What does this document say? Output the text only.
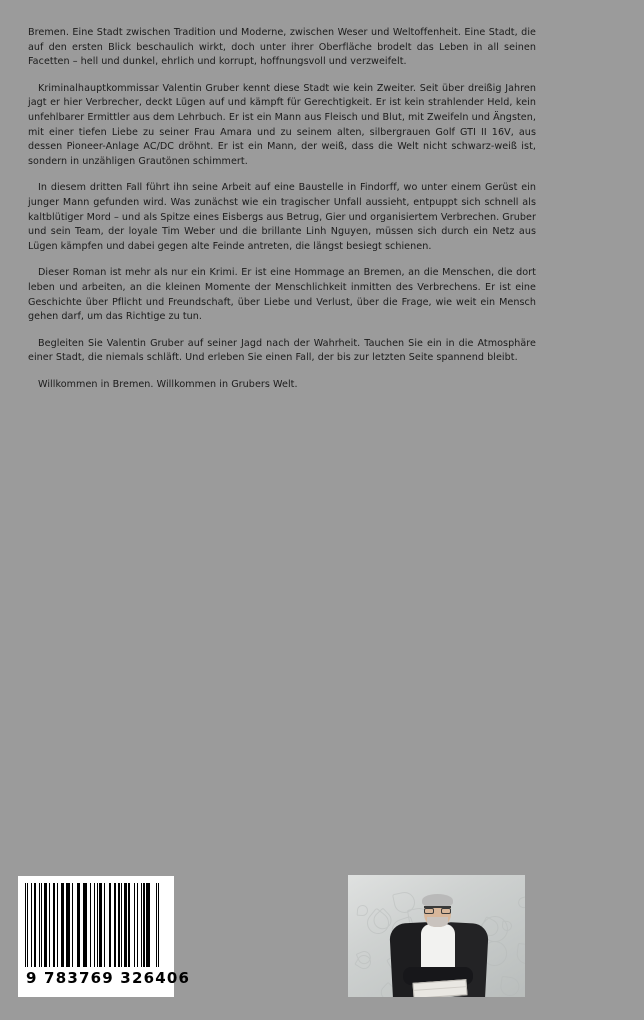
Bremen. Eine Stadt zwischen Tradition und Moderne, zwischen Weser und Weltoffenheit. Eine Stadt, die auf den ersten Blick beschaulich wirkt, doch unter ihrer Oberfläche brodelt das Leben in all seinen Facetten – hell und dunkel, ehrlich und korrupt, hoffnungsvoll und verzweifelt.

Kriminalhauptkommissar Valentin Gruber kennt diese Stadt wie kein Zweiter. Seit über dreißig Jahren jagt er hier Verbrecher, deckt Lügen auf und kämpft für Gerechtigkeit. Er ist kein strahlender Held, kein unfehlbarer Ermittler aus dem Lehrbuch. Er ist ein Mann aus Fleisch und Blut, mit Zweifeln und Ängsten, mit einer tiefen Liebe zu seiner Frau Amara und zu seinem alten, silbergrauen Golf GTI II 16V, aus dessen Pioneer-Anlage AC/DC dröhnt. Er ist ein Mann, der weiß, dass die Welt nicht schwarz-weiß ist, sondern in unzähligen Grautönen schimmert.

In diesem dritten Fall führt ihn seine Arbeit auf eine Baustelle in Findorff, wo unter einem Gerüst ein junger Mann gefunden wird. Was zunächst wie ein tragischer Unfall aussieht, entpuppt sich schnell als kaltblütiger Mord – und als Spitze eines Eisbergs aus Betrug, Gier und organisiertem Verbrechen. Gruber und sein Team, der loyale Tim Weber und die brillante Linh Nguyen, müssen sich durch ein Netz aus Lügen kämpfen und dabei gegen alte Feinde antreten, die längst besiegt schienen.

Dieser Roman ist mehr als nur ein Krimi. Er ist eine Hommage an Bremen, an die Menschen, die dort leben und arbeiten, an die kleinen Momente der Menschlichkeit inmitten des Verbrechens. Er ist eine Geschichte über Pflicht und Freundschaft, über Liebe und Verlust, über die Frage, wie weit ein Mensch gehen darf, um das Richtige zu tun.

Begleiten Sie Valentin Gruber auf seiner Jagd nach der Wahrheit. Tauchen Sie ein in die Atmosphäre einer Stadt, die niemals schläft. Und erleben Sie einen Fall, der bis zur letzten Seite spannend bleibt.

Willkommen in Bremen. Willkommen in Grubers Welt.

9 783769 326406
